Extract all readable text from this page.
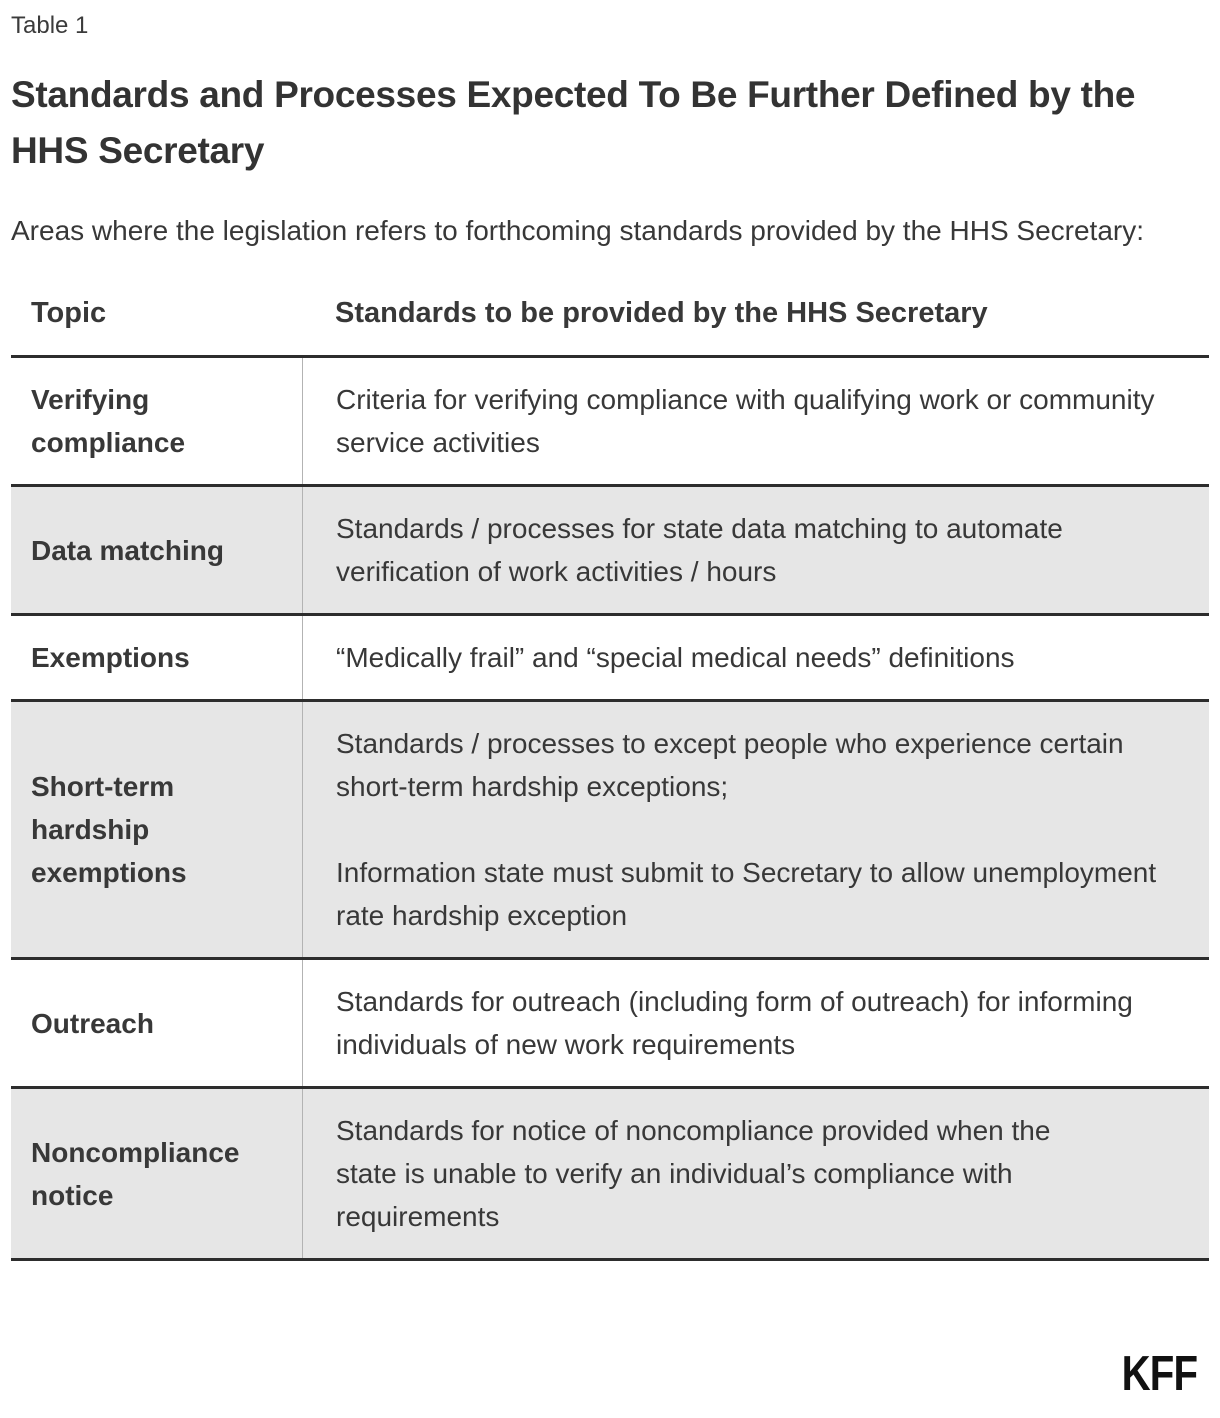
Table 1
Standards and Processes Expected To Be Further Defined by the HHS Secretary

Areas where the legislation refers to forthcoming standards provided by the HHS Secretary:

Topic	Standards to be provided by the HHS Secretary
Verifying compliance

Criteria for verifying compliance with qualifying work or community service activities

Data matching

Standards / processes for state data matching to automate verification of work activities / hours

Exemptions	“Medically frail” and “special medical needs” definitions

Short-term hardship exemptions

Standards / processes to except people who experience certain short-term hardship exceptions;

Information state must submit to Secretary to allow unemployment rate hardship exception

Outreach

Standards for outreach (including form of outreach) for informing individuals of new work requirements

Noncompliance notice

Standards for notice of noncompliance provided when the state is unable to verify an individual’s compliance with requirements

KFF
